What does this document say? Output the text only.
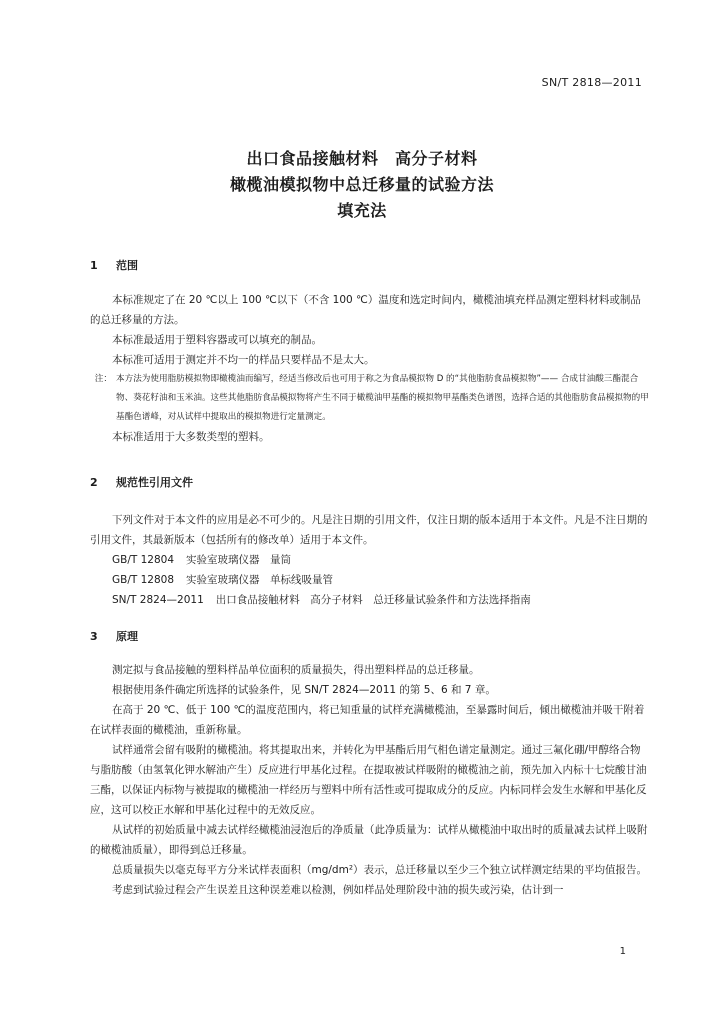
SN/T 2818—2011
出口食品接触材料　高分子材料
橄榄油模拟物中总迁移量的试验方法
填充法
1 范围

本标准规定了在 20 ℃以上 100 ℃以下（不含 100 ℃）温度和选定时间内，橄榄油填充样品测定塑料材料或制品的总迁移量的方法。

本标准最适用于塑料容器或可以填充的制品。

本标准可适用于测定并不均一的样品只要样品不是太大。

注： 本方法为使用脂肪模拟物即橄榄油而编写，经适当修改后也可用于称之为食品模拟物 D 的“其他脂肪食品模拟物”—— 合成甘油酸三酯混合物、葵花籽油和玉米油。这些其他脂肪食品模拟物将产生不同于橄榄油甲基酯的模拟物甲基酯类色谱图，选择合适的其他脂肪食品模拟物的甲基酯色谱峰，对从试样中提取出的模拟物进行定量测定。

本标准适用于大多数类型的塑料。

2 规范性引用文件

下列文件对于本文件的应用是必不可少的。凡是注日期的引用文件，仅注日期的版本适用于本文件。凡是不注日期的引用文件，其最新版本（包括所有的修改单）适用于本文件。

GB/T 12804 实验室玻璃仪器　量筒

GB/T 12808 实验室玻璃仪器　单标线吸量管

SN/T 2824—2011 出口食品接触材料　高分子材料　总迁移量试验条件和方法选择指南

3 原理

测定拟与食品接触的塑料样品单位面积的质量损失，得出塑料样品的总迁移量。

根据使用条件确定所选择的试验条件，见 SN/T 2824—2011 的第 5、6 和 7 章。

在高于 20 ℃、低于 100 ℃的温度范围内，将已知重量的试样充满橄榄油，至暴露时间后，倾出橄榄油并吸干附着在试样表面的橄榄油，重新称量。

试样通常会留有吸附的橄榄油。将其提取出来，并转化为甲基酯后用气相色谱定量测定。通过三氟化硼/甲醇络合物与脂肪酸（由氢氧化钾水解油产生）反应进行甲基化过程。在提取被试样吸附的橄榄油之前，预先加入内标十七烷酸甘油三酯，以保证内标物与被提取的橄榄油一样经历与塑料中所有活性或可提取成分的反应。内标同样会发生水解和甲基化反应，这可以校正水解和甲基化过程中的无效反应。

从试样的初始质量中减去试样经橄榄油浸泡后的净质量（此净质量为：试样从橄榄油中取出时的质量减去试样上吸附的橄榄油质量），即得到总迁移量。

总质量损失以毫克每平方分米试样表面积（mg/dm²）表示，总迁移量以至少三个独立试样测定结果的平均值报告。

考虑到试验过程会产生误差且这种误差难以检测，例如样品处理阶段中油的损失或污染，估计到一

1
